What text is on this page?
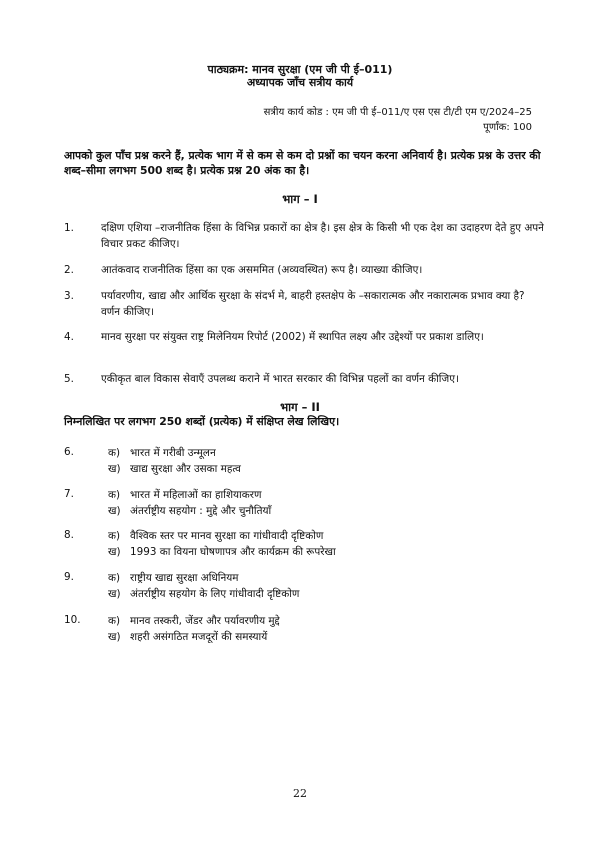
पाठ्यक्रम: मानव सुरक्षा (एम जी पी ई–011)
अध्यापक जाँच सत्रीय कार्य
सत्रीय कार्य कोड : एम जी पी ई–011/ए एस एस टी/टी एम ए/2024–25
पूर्णांक: 100
आपको कुल पाँच प्रश्न करने हैं, प्रत्येक भाग में से कम से कम दो प्रश्नों का चयन करना अनिवार्य है। प्रत्येक प्रश्न के उत्तर की शब्द–सीमा लगभग 500 शब्द है। प्रत्येक प्रश्न 20 अंक का है।
भाग – I
1.	दक्षिण एशिया –राजनीतिक हिंसा के विभिन्न प्रकारों का क्षेत्र है। इस क्षेत्र के किसी भी एक देश का उदाहरण देते हुए अपने विचार प्रकट कीजिए।
2.	आतंकवाद राजनीतिक हिंसा का एक असममित (अव्यवस्थित) रूप है। व्याख्या कीजिए।
3.	पर्यावरणीय, खाद्य और आर्थिक सुरक्षा के संदर्भ मे, बाहरी हस्तक्षेप के –सकारात्मक और नकारात्मक प्रभाव क्या है? वर्णन कीजिए।
4.	मानव सुरक्षा पर संयुक्त राष्ट्र मिलेनियम रिपोर्ट (2002) में स्थापित लक्ष्य और उद्देश्यों पर प्रकाश डालिए।
5.	एकीकृत बाल विकास सेवाएँ उपलब्ध कराने में भारत सरकार की विभिन्न पहलों का वर्णन कीजिए।
भाग – II
निम्नलिखित पर लगभग 250 शब्दों (प्रत्येक) में संक्षिप्त लेख लिखिए।
6.	क) भारत में गरीबी उन्मूलन
ख) खाद्य सुरक्षा और उसका महत्व
7.	क) भारत में महिलाओं का हाशियाकरण
ख) अंतर्राष्ट्रीय सहयोग : मुद्दे और चुनौतियाँ
8.	क) वैश्विक स्तर पर मानव सुरक्षा का गांधीवादी दृष्टिकोण
ख) 1993 का वियना घोषणापत्र और कार्यक्रम की रूपरेखा
9.	क) राष्ट्रीय खाद्य सुरक्षा अधिनियम
ख) अंतर्राष्ट्रीय सहयोग के लिए गांधीवादी दृष्टिकोण
10.	क) मानव तस्करी, जेंडर और पर्यावरणीय मुद्दे
ख) शहरी असंगठित मजदूरों की समस्यायें
22
